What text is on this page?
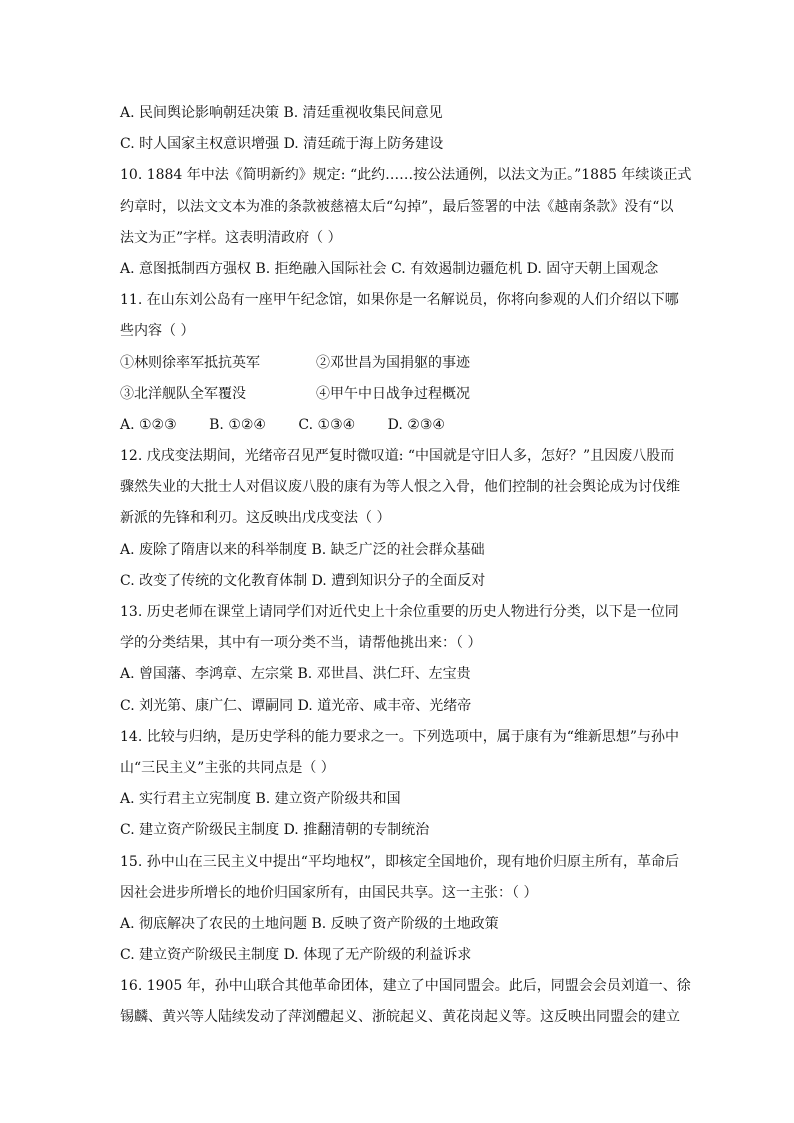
A. 民间舆论影响朝廷决策 B. 清廷重视收集民间意见
C. 时人国家主权意识增强 D. 清廷疏于海上防务建设
10. 1884 年中法《简明新约》规定: “此约……按公法通例，以法文为正。”1885 年续谈正式
约章时，以法文文本为准的条款被慈禧太后“勾掉”，最后签署的中法《越南条款》没有“以
法文为正”字样。这表明清政府（ ）
A. 意图抵制西方强权 B. 拒绝融入国际社会 C. 有效遏制边疆危机 D. 固守天朝上国观念
11. 在山东刘公岛有一座甲午纪念馆，如果你是一名解说员，你将向参观的人们介绍以下哪
些内容（ ）
①林则徐率军抵抗英军	②邓世昌为国捐躯的事迹
③北洋舰队全军覆没	④甲午中日战争过程概况
A. ①②③ B. ①②④ C. ①③④ D. ②③④
12. 戊戌变法期间，光绪帝召见严复时微叹道: “中国就是守旧人多，怎好？”且因废八股而
骤然失业的大批士人对倡议废八股的康有为等人恨之入骨，他们控制的社会舆论成为讨伐维
新派的先锋和利刃。这反映出戊戌变法（ ）
A. 废除了隋唐以来的科举制度 B. 缺乏广泛的社会群众基础
C. 改变了传统的文化教育体制 D. 遭到知识分子的全面反对
13. 历史老师在课堂上请同学们对近代史上十余位重要的历史人物进行分类，以下是一位同
学的分类结果，其中有一项分类不当，请帮他挑出来：（ ）
A. 曾国藩、李鸿章、左宗棠 B. 邓世昌、洪仁玕、左宝贵
C. 刘光第、康广仁、谭嗣同 D. 道光帝、咸丰帝、光绪帝
14. 比较与归纳，是历史学科的能力要求之一。下列选项中，属于康有为“维新思想”与孙中
山“三民主义”主张的共同点是（ ）
A. 实行君主立宪制度 B. 建立资产阶级共和国
C. 建立资产阶级民主制度 D. 推翻清朝的专制统治
15. 孙中山在三民主义中提出“平均地权”，即核定全国地价，现有地价归原主所有，革命后
因社会进步所增长的地价归国家所有，由国民共享。这一主张：（ ）
A. 彻底解决了农民的土地问题 B. 反映了资产阶级的土地政策
C. 建立资产阶级民主制度 D. 体现了无产阶级的利益诉求
16. 1905 年，孙中山联合其他革命团体，建立了中国同盟会。此后，同盟会会员刘道一、徐
锡麟、黄兴等人陆续发动了萍浏醴起义、浙皖起义、黄花岗起义等。这反映出同盟会的建立
